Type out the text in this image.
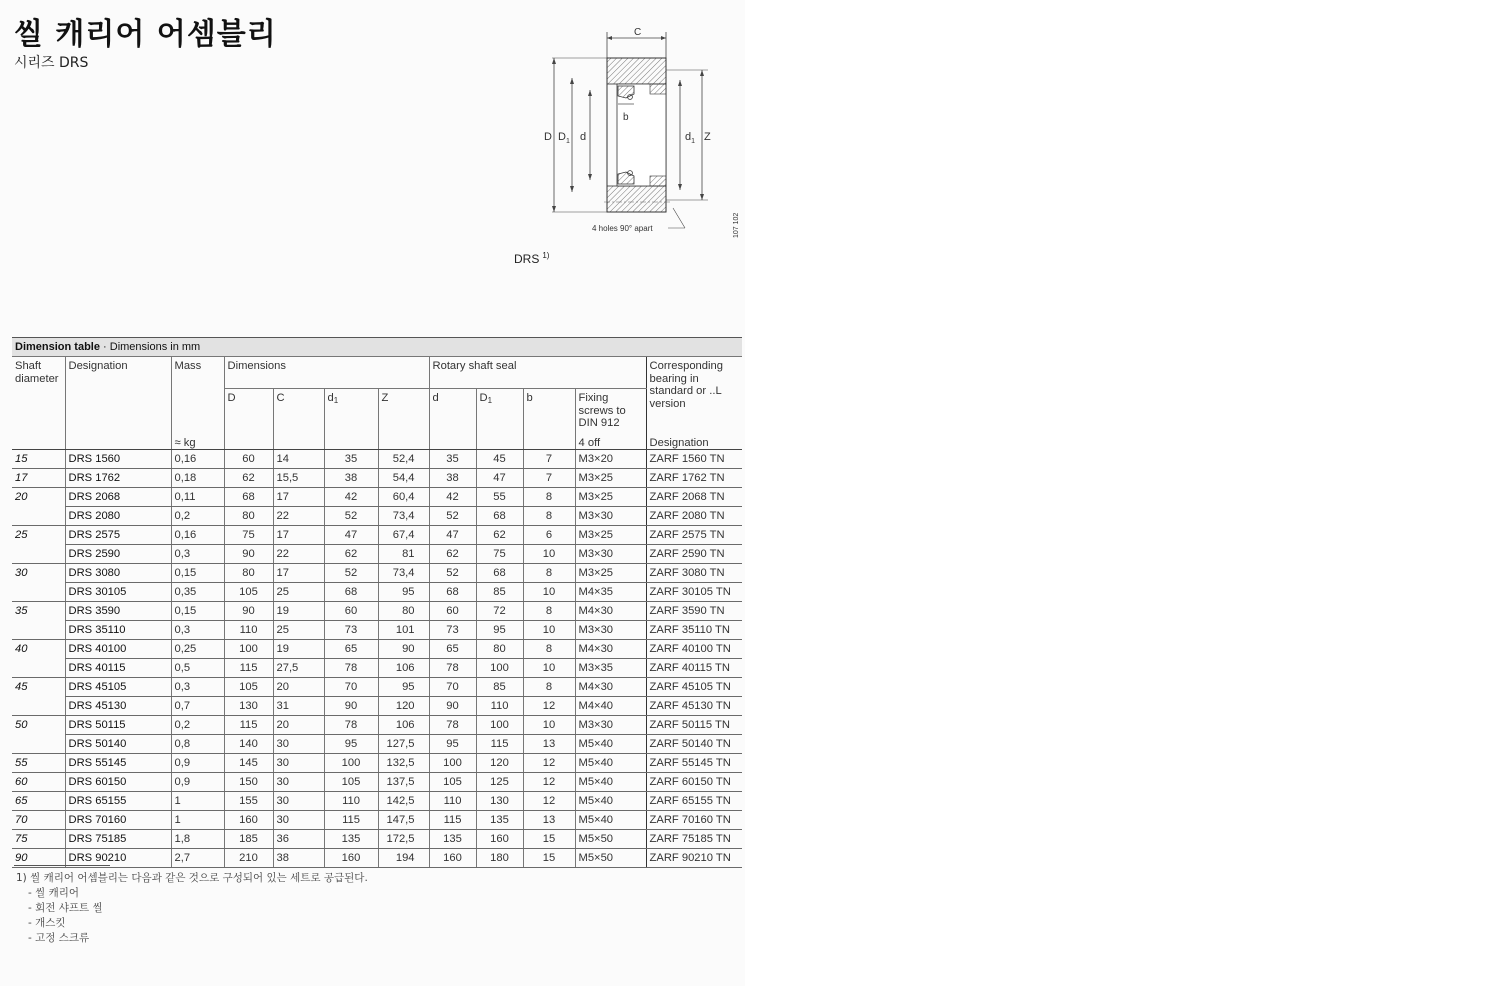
씰 캐리어 어셈블리
시리즈 DRS
C
b
D $D_1$ d	$d_1$ Z
4 holes 90° apart	107 102
DRS $^{1)}$
Dimension table · Dimensions in mm
Shaft diameter	Designation	Mass	Dimensions				Rotary shaft seal				Corresponding bearing in standard or ..L version
			D	C	$d_1$	Z	d	$D_1$	b	Fixing screws to DIN 912	
		≈ kg								4 off	Designation
15	DRS 1560	0,16	60	14	35	52,4	35	45	7	M3×20	ZARF 1560 TN
17	DRS 1762	0,18	62	15,5	38	54,4	38	47	7	M3×25	ZARF 1762 TN
20	DRS 2068	0,11	68	17	42	60,4	42	55	8	M3×25	ZARF 2068 TN
	DRS 2080	0,2	80	22	52	73,4	52	68	8	M3×30	ZARF 2080 TN
25	DRS 2575	0,16	75	17	47	67,4	47	62	6	M3×25	ZARF 2575 TN
	DRS 2590	0,3	90	22	62	81	62	75	10	M3×30	ZARF 2590 TN
30	DRS 3080	0,15	80	17	52	73,4	52	68	8	M3×25	ZARF 3080 TN
	DRS 30105	0,35	105	25	68	95	68	85	10	M4×35	ZARF 30105 TN
35	DRS 3590	0,15	90	19	60	80	60	72	8	M4×30	ZARF 3590 TN
	DRS 35110	0,3	110	25	73	101	73	95	10	M3×30	ZARF 35110 TN
40	DRS 40100	0,25	100	19	65	90	65	80	8	M4×30	ZARF 40100 TN
	DRS 40115	0,5	115	27,5	78	106	78	100	10	M3×35	ZARF 40115 TN
45	DRS 45105	0,3	105	20	70	95	70	85	8	M4×30	ZARF 45105 TN
	DRS 45130	0,7	130	31	90	120	90	110	12	M4×40	ZARF 45130 TN
50	DRS 50115	0,2	115	20	78	106	78	100	10	M3×30	ZARF 50115 TN
	DRS 50140	0,8	140	30	95	127,5	95	115	13	M5×40	ZARF 50140 TN
55	DRS 55145	0,9	145	30	100	132,5	100	120	12	M5×40	ZARF 55145 TN
60	DRS 60150	0,9	150	30	105	137,5	105	125	12	M5×40	ZARF 60150 TN
65	DRS 65155	1	155	30	110	142,5	110	130	12	M5×40	ZARF 65155 TN
70	DRS 70160	1	160	30	115	147,5	115	135	13	M5×40	ZARF 70160 TN
75	DRS 75185	1,8	185	36	135	172,5	135	160	15	M5×50	ZARF 75185 TN
90	DRS 90210	2,7	210	38	160	194	160	180	15	M5×50	ZARF 90210 TN
1) 씰 캐리어 어셈블리는 다음과 같은 것으로 구성되어 있는 세트로 공급된다.
- 씰 캐리어
- 회전 샤프트 씰
- 개스킷
- 고정 스크류
